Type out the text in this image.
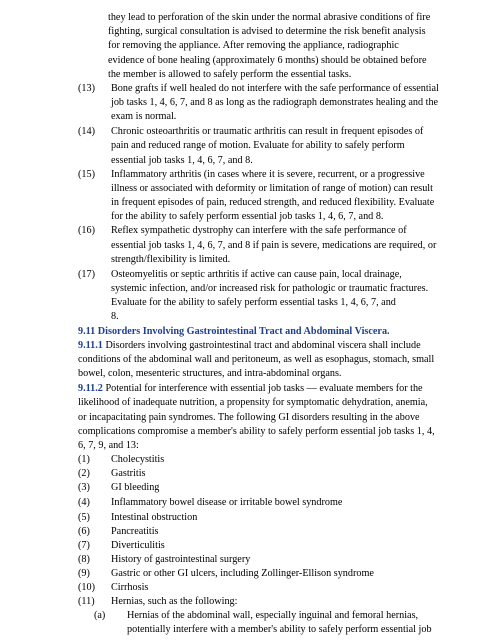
they lead to perforation of the skin under the normal abrasive conditions of fire
fighting, surgical consultation is advised to determine the risk benefit analysis
for removing the appliance. After removing the appliance, radiographic
evidence of bone healing (approximately 6 months) should be obtained before
the member is allowed to safely perform the essential tasks.
(13) Bone grafts if well healed do not interfere with the safe performance of essential
job tasks 1, 4, 6, 7, and 8 as long as the radiograph demonstrates healing and the
exam is normal.
(14) Chronic osteoarthritis or traumatic arthritis can result in frequent episodes of
pain and reduced range of motion. Evaluate for ability to safely perform
essential job tasks 1, 4, 6, 7, and 8.
(15) Inflammatory arthritis (in cases where it is severe, recurrent, or a progressive
illness or associated with deformity or limitation of range of motion) can result
in frequent episodes of pain, reduced strength, and reduced flexibility. Evaluate
for the ability to safely perform essential job tasks 1, 4, 6, 7, and 8.
(16) Reflex sympathetic dystrophy can interfere with the safe performance of
essential job tasks 1, 4, 6, 7, and 8 if pain is severe, medications are required, or
strength/flexibility is limited.
(17) Osteomyelitis or septic arthritis if active can cause pain, local drainage,
systemic infection, and/or increased risk for pathologic or traumatic fractures.
Evaluate for the ability to safely perform essential tasks 1, 4, 6, 7, and
8.
9.11 Disorders Involving Gastrointestinal Tract and Abdominal Viscera.
9.11.1 Disorders involving gastrointestinal tract and abdominal viscera shall include
conditions of the abdominal wall and peritoneum, as well as esophagus, stomach, small
bowel, colon, mesenteric structures, and intra-abdominal organs.
9.11.2 Potential for interference with essential job tasks — evaluate members for the
likelihood of inadequate nutrition, a propensity for symptomatic dehydration, anemia,
or incapacitating pain syndromes. The following GI disorders resulting in the above
complications compromise a member's ability to safely perform essential job tasks 1, 4,
6, 7, 9, and 13:
(1) Cholecystitis
(2) Gastritis
(3) GI bleeding
(4) Inflammatory bowel disease or irritable bowel syndrome
(5) Intestinal obstruction
(6) Pancreatitis
(7) Diverticulitis
(8) History of gastrointestinal surgery
(9) Gastric or other GI ulcers, including Zollinger-Ellison syndrome
(10) Cirrhosis
(11) Hernias, such as the following:
(a) Hernias of the abdominal wall, especially inguinal and femoral hernias,
potentially interfere with a member's ability to safely perform essential job
